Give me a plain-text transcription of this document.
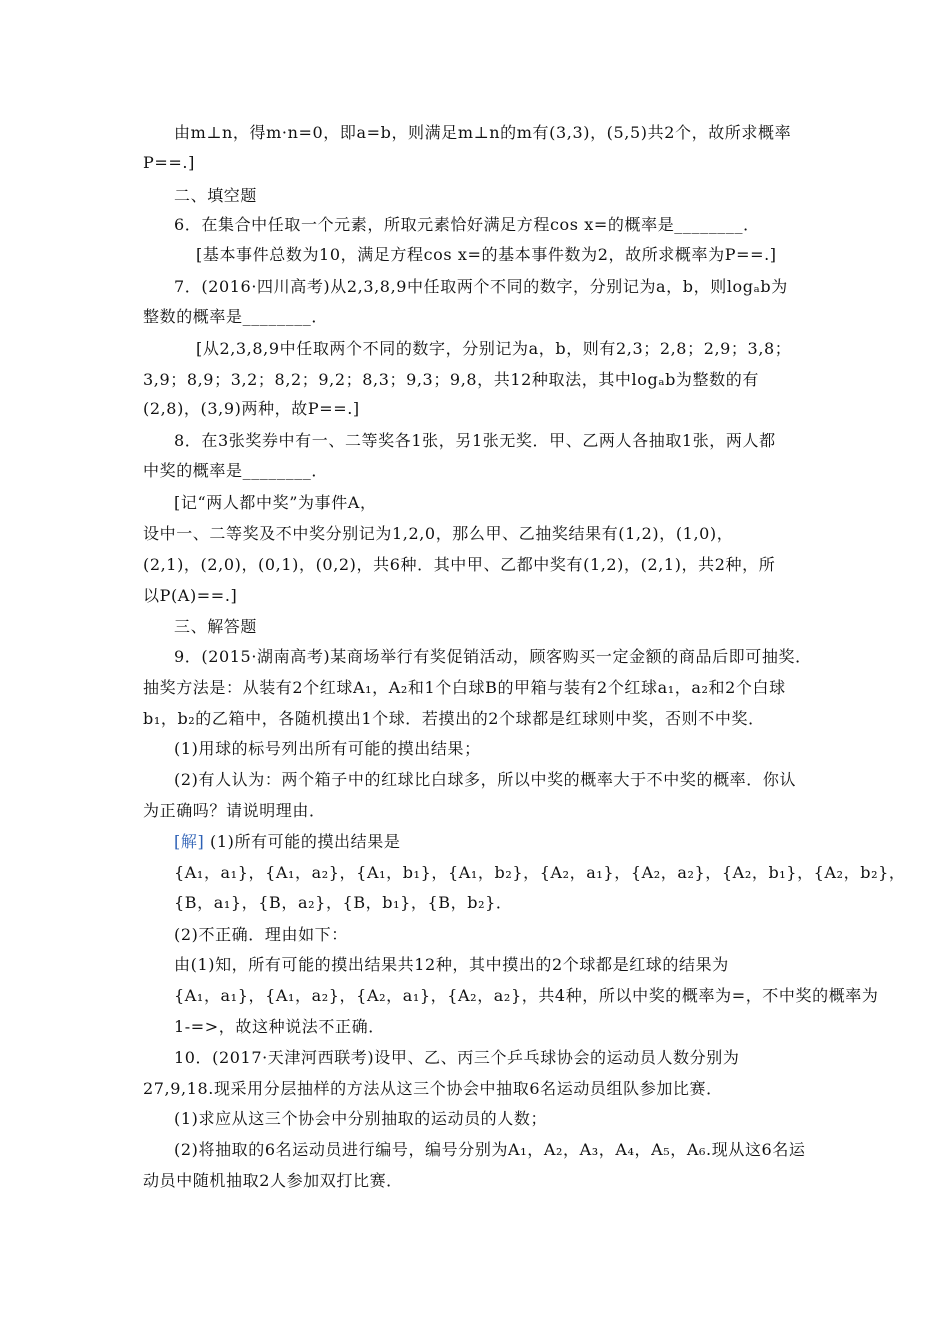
由m⊥n，得m·n=0，即a=b，则满足m⊥n的m有(3,3)，(5,5)共2个，故所求概率
P==.]
二、填空题
6．在集合中任取一个元素，所取元素恰好满足方程cos x=的概率是________．
[基本事件总数为10，满足方程cos x=的基本事件数为2，故所求概率为P==.]
7．(2016·四川高考)从2,3,8,9中任取两个不同的数字，分别记为a，b，则logₐb为
整数的概率是________．
[从2,3,8,9中任取两个不同的数字，分别记为a，b，则有2,3；2,8；2,9；3,8；
3,9；8,9；3,2；8,2；9,2；8,3；9,3；9,8，共12种取法，其中logₐb为整数的有
(2,8)，(3,9)两种，故P==.]
8．在3张奖券中有一、二等奖各1张，另1张无奖．甲、乙两人各抽取1张，两人都
中奖的概率是________．
[记“两人都中奖”为事件A，
设中一、二等奖及不中奖分别记为1,2,0，那么甲、乙抽奖结果有(1,2)，(1,0)，
(2,1)，(2,0)，(0,1)，(0,2)，共6种．其中甲、乙都中奖有(1,2)，(2,1)，共2种，所
以P(A)==.]
三、解答题
9．(2015·湖南高考)某商场举行有奖促销活动，顾客购买一定金额的商品后即可抽奖．
抽奖方法是：从装有2个红球A₁，A₂和1个白球B的甲箱与装有2个红球a₁，a₂和2个白球
b₁，b₂的乙箱中，各随机摸出1个球．若摸出的2个球都是红球则中奖，否则不中奖．
(1)用球的标号列出所有可能的摸出结果；
(2)有人认为：两个箱子中的红球比白球多，所以中奖的概率大于不中奖的概率．你认
为正确吗？请说明理由．
[解] (1)所有可能的摸出结果是
{A₁，a₁}，{A₁，a₂}，{A₁，b₁}，{A₁，b₂}，{A₂，a₁}，{A₂，a₂}，{A₂，b₁}，{A₂，b₂}，
{B，a₁}，{B，a₂}，{B，b₁}，{B，b₂}．
(2)不正确．理由如下：
由(1)知，所有可能的摸出结果共12种，其中摸出的2个球都是红球的结果为
{A₁，a₁}，{A₁，a₂}，{A₂，a₁}，{A₂，a₂}，共4种，所以中奖的概率为=，不中奖的概率为
1-=>，故这种说法不正确．
10．(2017·天津河西联考)设甲、乙、丙三个乒乓球协会的运动员人数分别为
27,9,18.现采用分层抽样的方法从这三个协会中抽取6名运动员组队参加比赛．
(1)求应从这三个协会中分别抽取的运动员的人数；
(2)将抽取的6名运动员进行编号，编号分别为A₁，A₂，A₃，A₄，A₅，A₆.现从这6名运
动员中随机抽取2人参加双打比赛．
